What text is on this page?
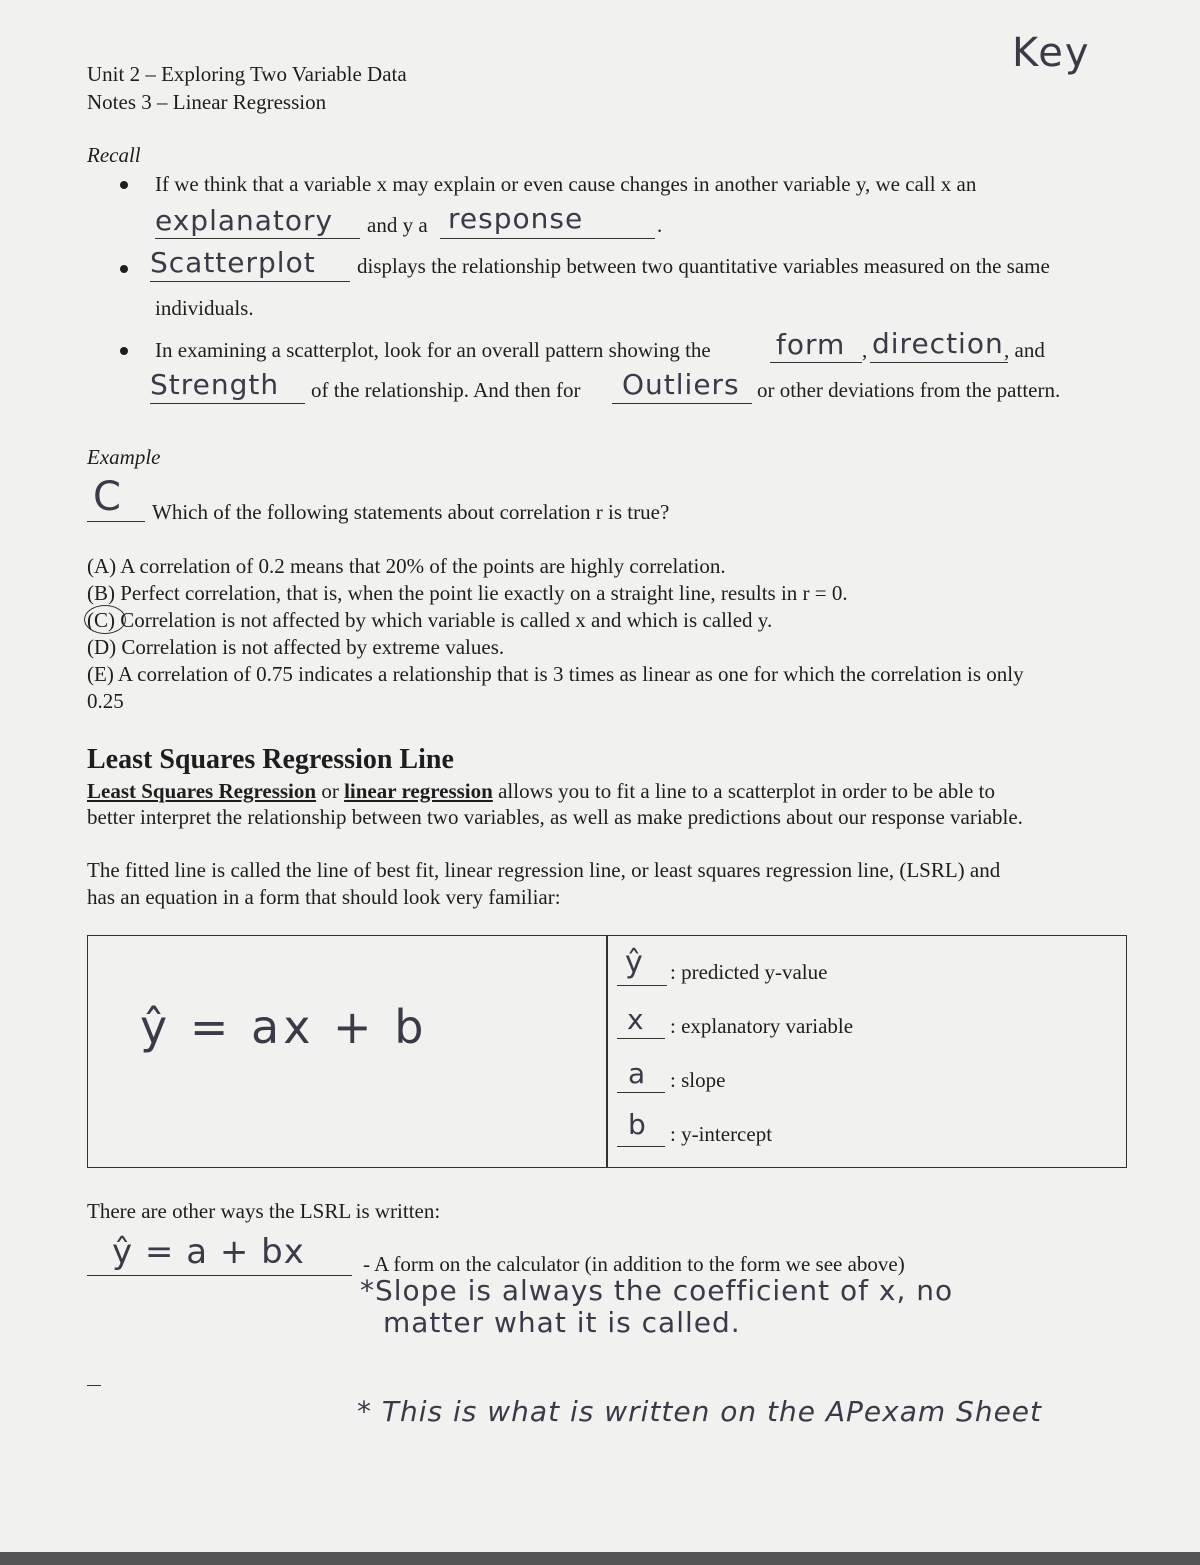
Unit 2 – Exploring Two Variable Data
Notes 3 – Linear Regression
Key
Recall
If we think that a variable x may explain or even cause changes in another variable y, we call x an
explanatory and y a response	.
Scatterplot displays the relationship between two quantitative variables measured on the same
individuals.
In examining a scatterplot, look for an overall pattern showing the form , direction , and
Strength of the relationship. And then for Outliers or other deviations from the pattern.
Example
C Which of the following statements about correlation r is true?
(A) A correlation of 0.2 means that 20% of the points are highly correlation.
(B) Perfect correlation, that is, when the point lie exactly on a straight line, results in r = 0.
(C) Correlation is not affected by which variable is called x and which is called y.
(D) Correlation is not affected by extreme values.
(E) A correlation of 0.75 indicates a relationship that is 3 times as linear as one for which the correlation is only
0.25
Least Squares Regression Line
Least Squares Regression or linear regression allows you to fit a line to a scatterplot in order to be able to
better interpret the relationship between two variables, as well as make predictions about our response variable.
The fitted line is called the line of best fit, linear regression line, or least squares regression line, (LSRL) and
has an equation in a form that should look very familiar:
ŷ = ax + b
ŷ : predicted y-value
x : explanatory variable
a : slope
b : y-intercept
There are other ways the LSRL is written:
ŷ = a + bx	- A form on the calculator (in addition to the form we see above)
*Slope is always the coefficient of x, no
matter what it is called.
* This is what is written on the APexam Sheet
